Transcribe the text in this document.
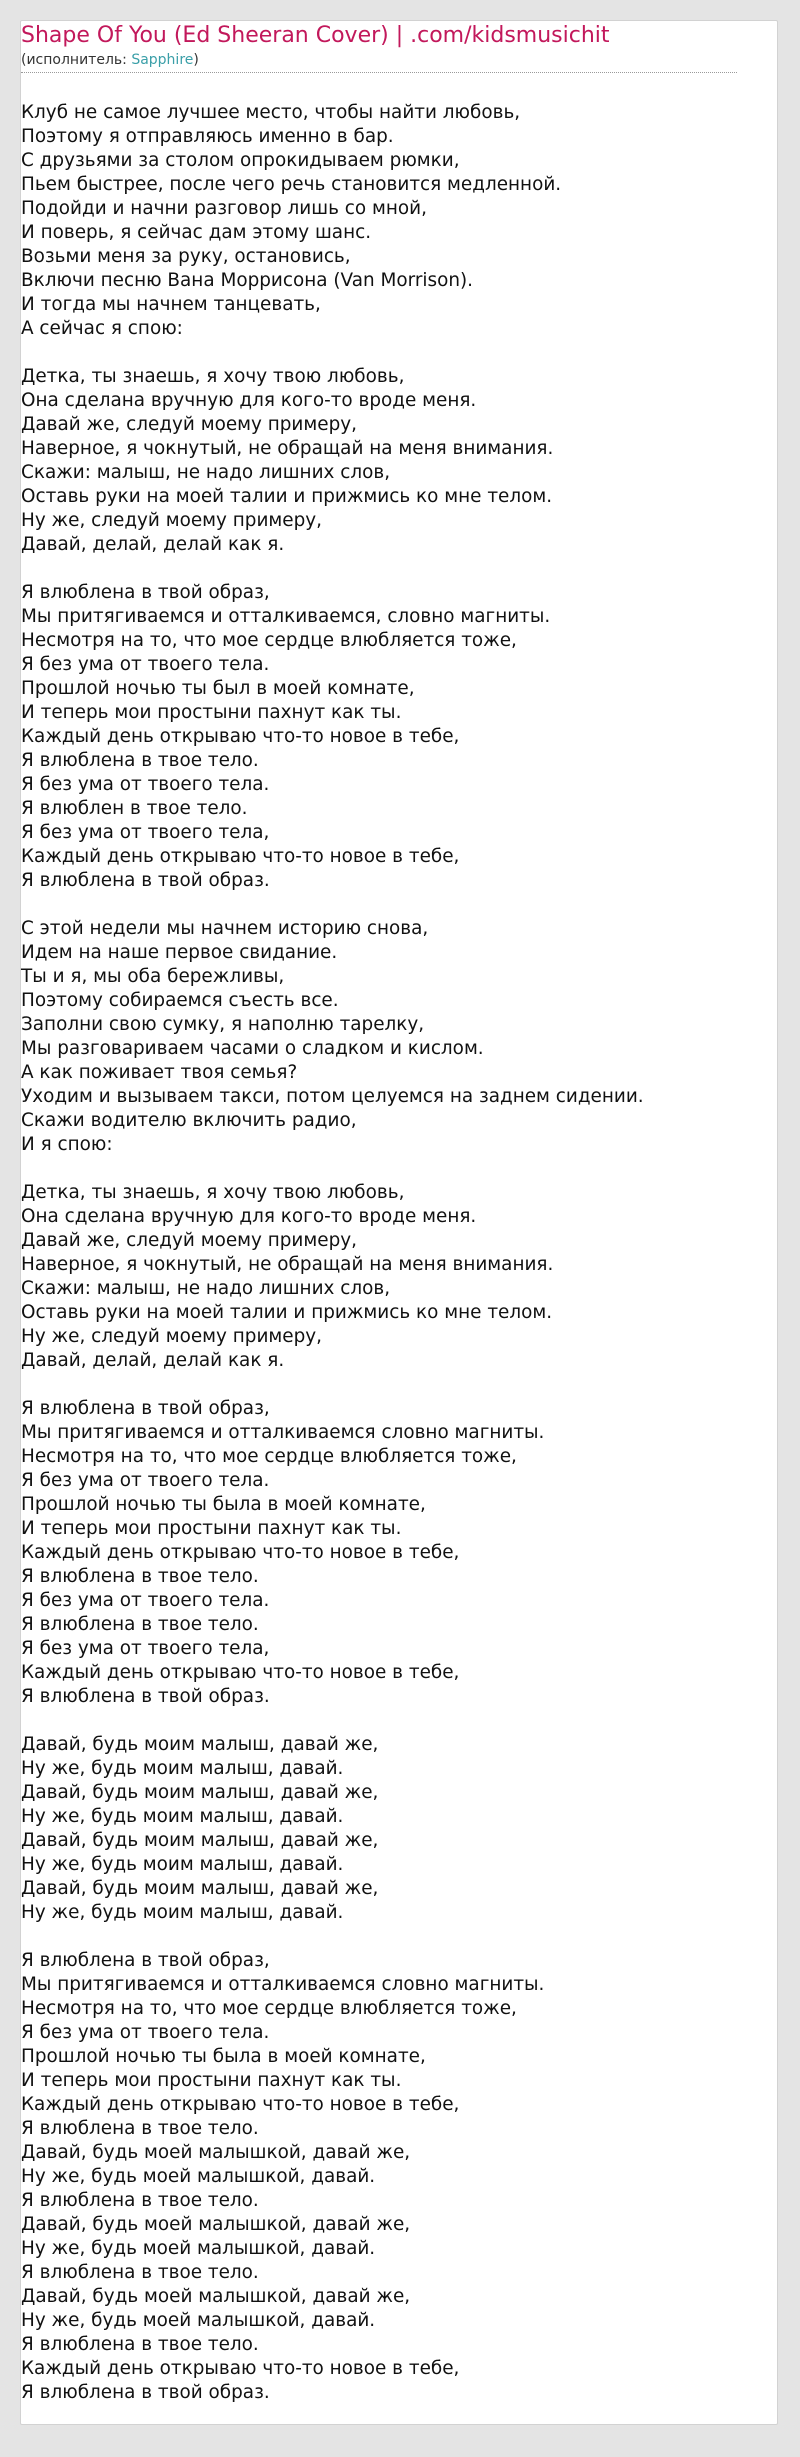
Shape Of You (Ed Sheeran Cover) | .com/kidsmusichit
(исполнитель: Sapphire)
Клуб не самое лучшее место, чтобы найти любовь,
Поэтому я отправляюсь именно в бар.
С друзьями за столом опрокидываем рюмки,
Пьем быстрее, после чего речь становится медленной.
Подойди и начни разговор лишь со мной,
И поверь, я сейчас дам этому шанс.
Возьми меня за руку, остановись,
Включи песню Вана Моррисона (Van Morrison).
И тогда мы начнем танцевать,
А сейчас я спою:
Детка, ты знаешь, я хочу твою любовь,
Она сделана вручную для кого-то вроде меня.
Давай же, следуй моему примеру,
Наверное, я чокнутый, не обращай на меня внимания.
Скажи: малыш, не надо лишних слов,
Оставь руки на моей талии и прижмись ко мне телом.
Ну же, следуй моему примеру,
Давай, делай, делай как я.
Я влюблена в твой образ,
Мы притягиваемся и отталкиваемся, словно магниты.
Несмотря на то, что мое сердце влюбляется тоже,
Я без ума от твоего тела.
Прошлой ночью ты был в моей комнате,
И теперь мои простыни пахнут как ты.
Каждый день открываю что-то новое в тебе,
Я влюблена в твое тело.
Я без ума от твоего тела.
Я влюблен в твое тело.
Я без ума от твоего тела,
Каждый день открываю что-то новое в тебе,
Я влюблена в твой образ.
С этой недели мы начнем историю снова,
Идем на наше первое свидание.
Ты и я, мы оба бережливы,
Поэтому собираемся съесть все.
Заполни свою сумку, я наполню тарелку,
Мы разговариваем часами о сладком и кислом.
А как поживает твоя семья?
Уходим и вызываем такси, потом целуемся на заднем сидении.
Скажи водителю включить радио,
И я спою:
Детка, ты знаешь, я хочу твою любовь,
Она сделана вручную для кого-то вроде меня.
Давай же, следуй моему примеру,
Наверное, я чокнутый, не обращай на меня внимания.
Скажи: малыш, не надо лишних слов,
Оставь руки на моей талии и прижмись ко мне телом.
Ну же, следуй моему примеру,
Давай, делай, делай как я.
Я влюблена в твой образ,
Мы притягиваемся и отталкиваемся словно магниты.
Несмотря на то, что мое сердце влюбляется тоже,
Я без ума от твоего тела.
Прошлой ночью ты была в моей комнате,
И теперь мои простыни пахнут как ты.
Каждый день открываю что-то новое в тебе,
Я влюблена в твое тело.
Я без ума от твоего тела.
Я влюблена в твое тело.
Я без ума от твоего тела,
Каждый день открываю что-то новое в тебе,
Я влюблена в твой образ.
Давай, будь моим малыш, давай же,
Ну же, будь моим малыш, давай.
Давай, будь моим малыш, давай же,
Ну же, будь моим малыш, давай.
Давай, будь моим малыш, давай же,
Ну же, будь моим малыш, давай.
Давай, будь моим малыш, давай же,
Ну же, будь моим малыш, давай.
Я влюблена в твой образ,
Мы притягиваемся и отталкиваемся словно магниты.
Несмотря на то, что мое сердце влюбляется тоже,
Я без ума от твоего тела.
Прошлой ночью ты была в моей комнате,
И теперь мои простыни пахнут как ты.
Каждый день открываю что-то новое в тебе,
Я влюблена в твое тело.
Давай, будь моей малышкой, давай же,
Ну же, будь моей малышкой, давай.
Я влюблена в твое тело.
Давай, будь моей малышкой, давай же,
Ну же, будь моей малышкой, давай.
Я влюблена в твое тело.
Давай, будь моей малышкой, давай же,
Ну же, будь моей малышкой, давай.
Я влюблена в твое тело.
Каждый день открываю что-то новое в тебе,
Я влюблена в твой образ.
